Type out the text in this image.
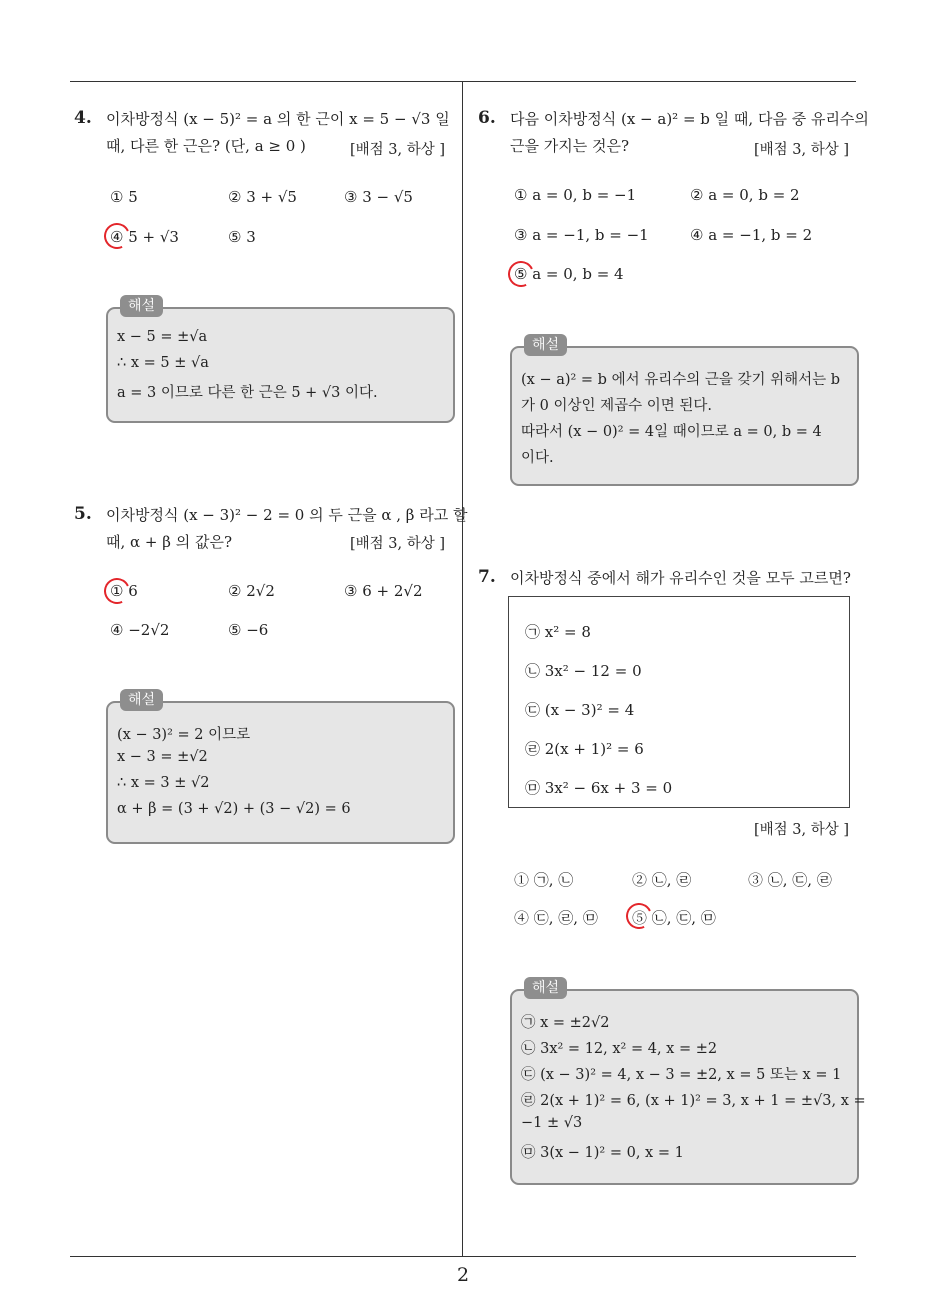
4. 이차방정식 (x − 5)² = a 의 한 근이 x = 5 − √3 일
때, 다른 한 근은? (단, a ≥ 0 )	[배점 3, 하상 ]
① 5	② 3 + √5	③ 3 − √5
④ 5 + √3	⑤ 3
해설
x − 5 = ±√a
∴ x = 5 ± √a
a = 3 이므로 다른 한 근은 5 + √3 이다.
5. 이차방정식 (x − 3)² − 2 = 0 의 두 근을 α , β 라고 할
때, α + β 의 값은?	[배점 3, 하상 ]
① 6	② 2√2	③ 6 + 2√2
④ −2√2	⑤ −6
해설
(x − 3)² = 2 이므로
x − 3 = ±√2
∴ x = 3 ± √2
α + β = (3 + √2) + (3 − √2) = 6
6. 다음 이차방정식 (x − a)² = b 일 때, 다음 중 유리수의
근을 가지는 것은?	[배점 3, 하상 ]
① a = 0, b = −1	② a = 0, b = 2
③ a = −1, b = −1	④ a = −1, b = 2
⑤ a = 0, b = 4
해설
(x − a)² = b 에서 유리수의 근을 갖기 위해서는 b
가 0 이상인 제곱수 이면 된다.
따라서 (x − 0)² = 4일 때이므로 a = 0, b = 4
이다.
7. 이차방정식 중에서 해가 유리수인 것을 모두 고르면?
㉠ x² = 8
㉡ 3x² − 12 = 0
㉢ (x − 3)² = 4
㉣ 2(x + 1)² = 6
㉤ 3x² − 6x + 3 = 0
[배점 3, 하상 ]
① ㉠, ㉡	② ㉡, ㉣	③ ㉡, ㉢, ㉣
④ ㉢, ㉣, ㉤ ⑤ ㉡, ㉢, ㉤
해설
㉠ x = ±2√2
㉡ 3x² = 12, x² = 4, x = ±2
㉢ (x − 3)² = 4, x − 3 = ±2, x = 5 또는 x = 1
㉣ 2(x + 1)² = 6, (x + 1)² = 3, x + 1 = ±√3, x =
−1 ± √3
㉤ 3(x − 1)² = 0, x = 1
2
